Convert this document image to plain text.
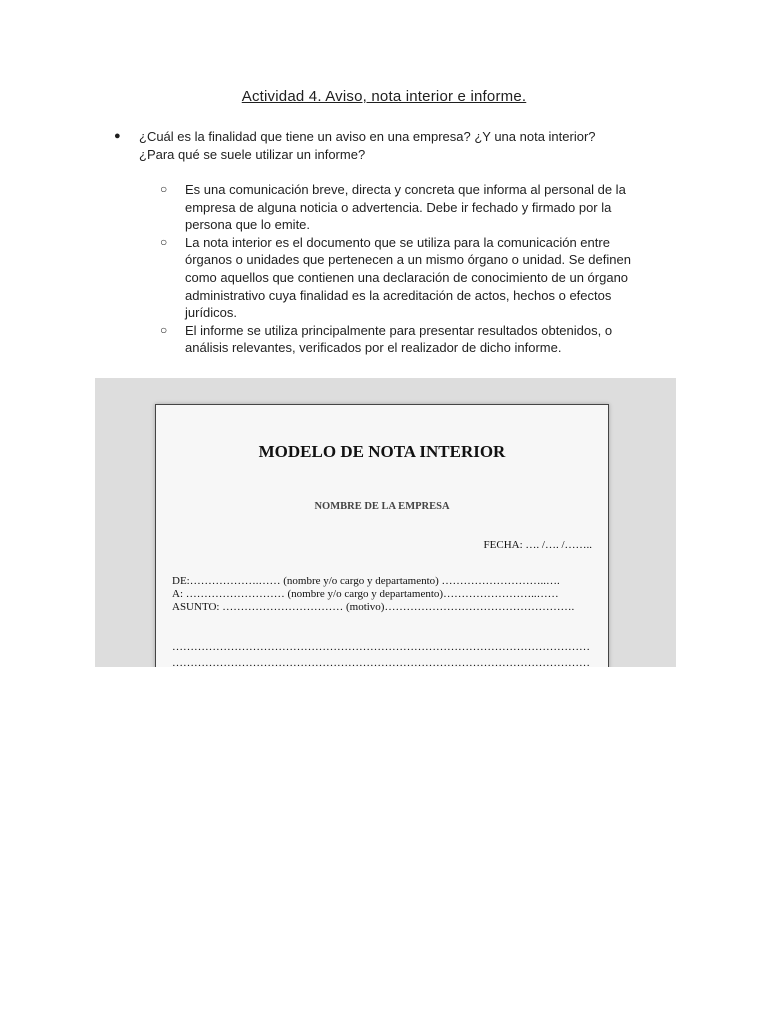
Actividad 4. Aviso, nota interior e informe.
● ¿Cuál es la finalidad que tiene un aviso en una empresa? ¿Y una nota interior?
¿Para qué se suele utilizar un informe?
○ Es una comunicación breve, directa y concreta que informa al personal de la
empresa de alguna noticia o advertencia. Debe ir fechado y firmado por la
persona que lo emite.
○ La nota interior es el documento que se utiliza para la comunicación entre
órganos o unidades que pertenecen a un mismo órgano o unidad. Se definen
como aquellos que contienen una declaración de conocimiento de un órgano
administrativo cuya finalidad es la acreditación de actos, hechos o efectos
jurídicos.
○ El informe se utiliza principalmente para presentar resultados obtenidos, o
análisis relevantes, verificados por el realizador de dicho informe.
MODELO DE NOTA INTERIOR
NOMBRE DE LA EMPRESA
FECHA: …. /…. /……..
DE:……………….…… (nombre y/o cargo y departamento) ………………………..….
A: ……………………… (nombre y/o cargo y departamento)……………………..……
ASUNTO: …………………………… (motivo)…………………………………………….
……………………………………………………………………………………………………
……………………………………………………………………………………………………
